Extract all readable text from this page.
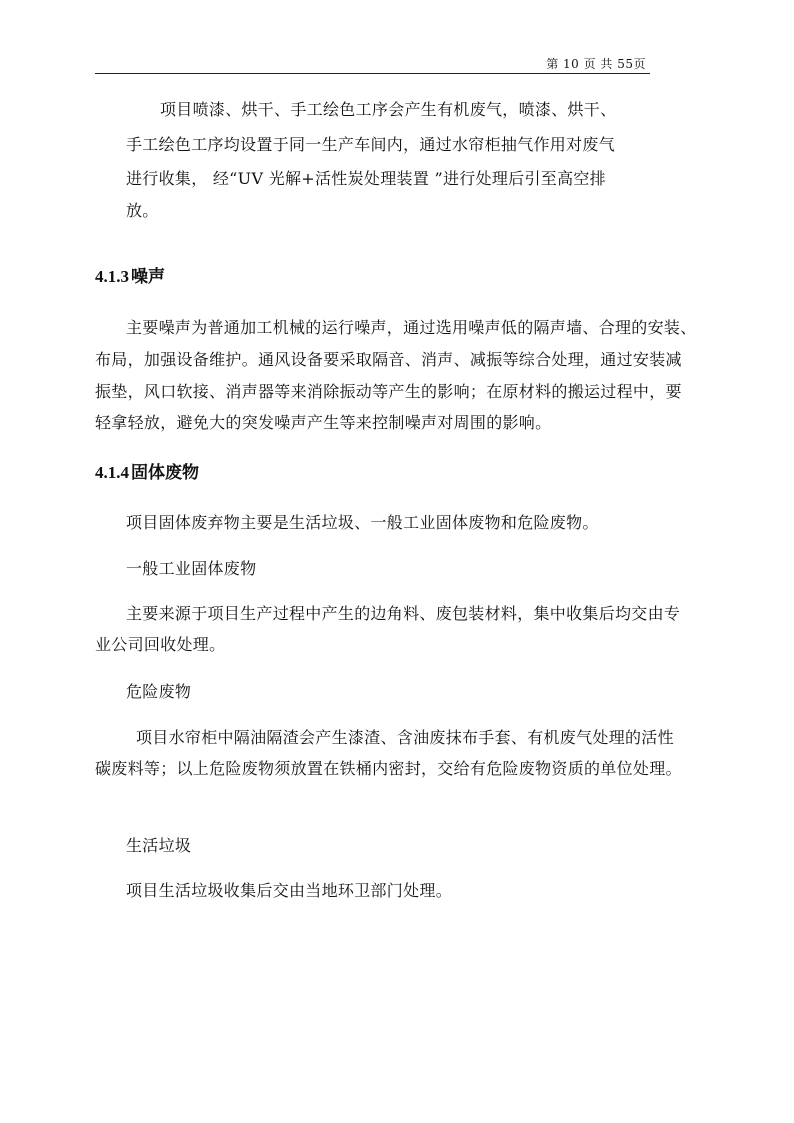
第 10 页 共 55页
项目喷漆、烘干、手工绘色工序会产生有机废气，喷漆、烘干、
手工绘色工序均设置于同一生产车间内，通过水帘柜抽气作用对废气
进行收集， 经“UV 光解+活性炭处理装置 ”进行处理后引至高空排
放。
4.1.3 噪声
主要噪声为普通加工机械的运行噪声，通过选用噪声低的隔声墙、合理的安装、
布局，加强设备维护。通风设备要采取隔音、消声、减振等综合处理，通过安装减
振垫，风口软接、消声器等来消除振动等产生的影响；在原材料的搬运过程中，要
轻拿轻放，避免大的突发噪声产生等来控制噪声对周围的影响。
4.1.4 固体废物
项目固体废弃物主要是生活垃圾、一般工业固体废物和危险废物。
一般工业固体废物
主要来源于项目生产过程中产生的边角料、废包装材料，集中收集后均交由专
业公司回收处理。
危险废物
项目水帘柜中隔油隔渣会产生漆渣、含油废抹布手套、有机废气处理的活性
碳废料等；以上危险废物须放置在铁桶内密封，交给有危险废物资质的单位处理。
生活垃圾
项目生活垃圾收集后交由当地环卫部门处理。
